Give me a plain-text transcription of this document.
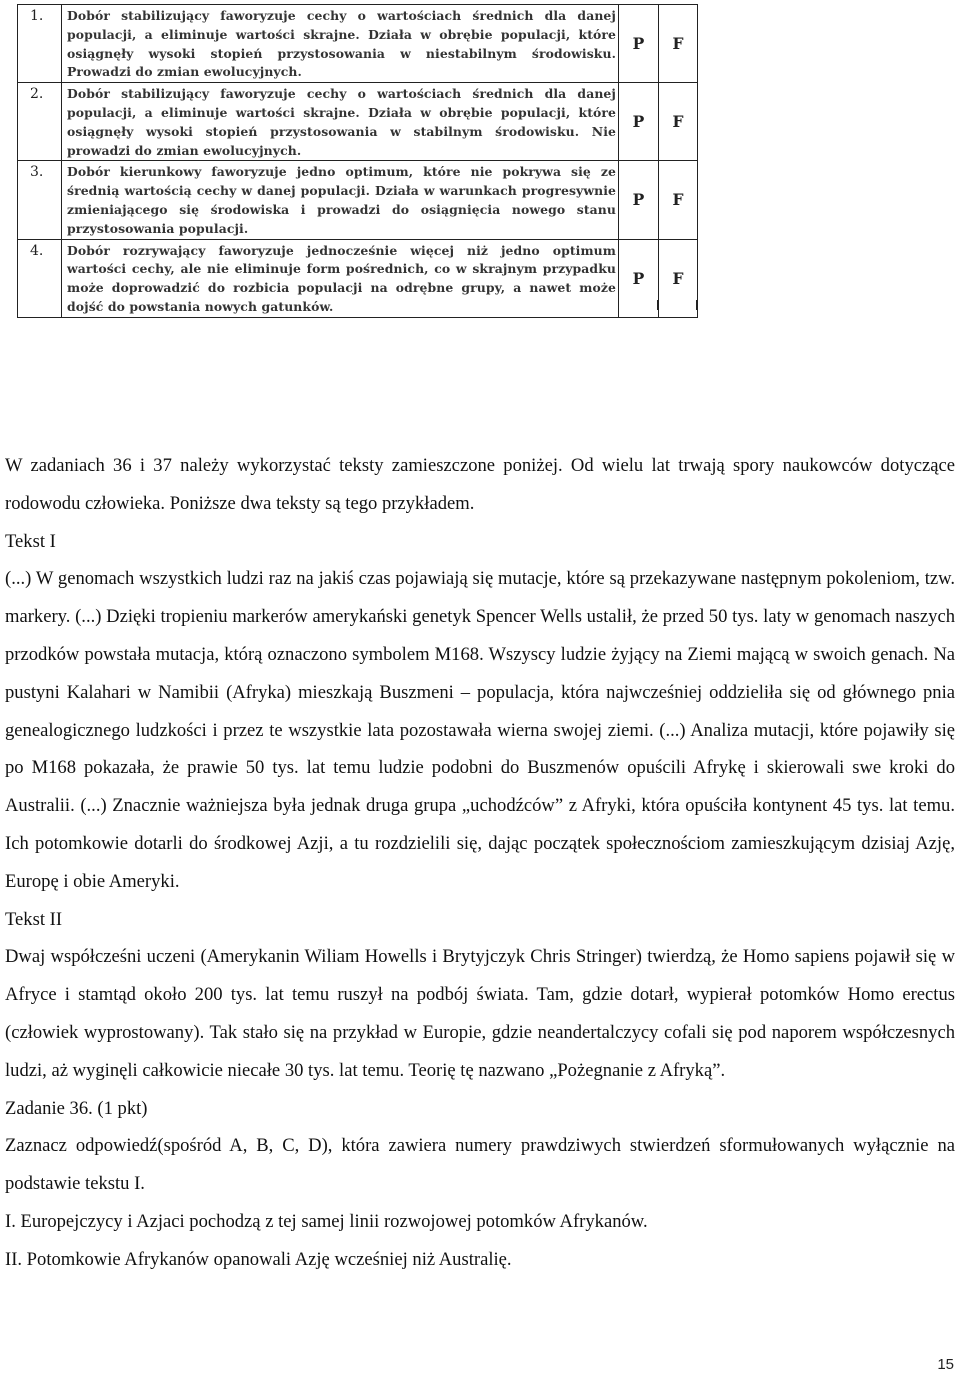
1.	Dobór stabilizujący faworyzuje cechy o wartościach średnich dla danej populacji, a eliminuje wartości skrajne. Działa w obrębie populacji, które osiągnęły wysoki stopień przystosowania w niestabilnym środowisku. Prowadzi do zmian ewolucyjnych.	P	F
2.	Dobór stabilizujący faworyzuje cechy o wartościach średnich dla danej populacji, a eliminuje wartości skrajne. Działa w obrębie populacji, które osiągnęły wysoki stopień przystosowania w stabilnym środowisku. Nie prowadzi do zmian ewolucyjnych.	P	F
3.	Dobór kierunkowy faworyzuje jedno optimum, które nie pokrywa się ze średnią wartością cechy w danej populacji. Działa w warunkach progresywnie zmieniającego się środowiska i prowadzi do osiągnięcia nowego stanu przystosowania populacji.	P	F
4.	Dobór rozrywający faworyzuje jednocześnie więcej niż jedno optimum wartości cechy, ale nie eliminuje form pośrednich, co w skrajnym przypadku może doprowadzić do rozbicia populacji na odrębne grupy, a nawet może dojść do powstania nowych gatunków.	P	F

W zadaniach 36 i 37 należy wykorzystać teksty zamieszczone poniżej. Od wielu lat trwają spory naukowców dotyczące rodowodu człowieka. Poniższe dwa teksty są tego przykładem.

Tekst I

(...) W genomach wszystkich ludzi raz na jakiś czas pojawiają się mutacje, które są przekazywane następnym pokoleniom, tzw. markery. (...) Dzięki tropieniu markerów amerykański genetyk Spencer Wells ustalił, że przed 50 tys. laty w genomach naszych przodków powstała mutacja, którą oznaczono symbolem M168. Wszyscy ludzie żyjący na Ziemi mającą w swoich genach. Na pustyni Kalahari w Namibii (Afryka) mieszkają Buszmeni – populacja, która najwcześniej oddzieliła się od głównego pnia genealogicznego ludzkości i przez te wszystkie lata pozostawała wierna swojej ziemi. (...) Analiza mutacji, które pojawiły się po M168 pokazała, że prawie 50 tys. lat temu ludzie podobni do Buszmenów opuścili Afrykę i skierowali swe kroki do Australii. (...) Znacznie ważniejsza była jednak druga grupa „uchodźców” z Afryki, która opuściła kontynent 45 tys. lat temu. Ich potomkowie dotarli do środkowej Azji, a tu rozdzielili się, dając początek społecznościom zamieszkującym dzisiaj Azję, Europę i obie Ameryki.

Tekst II

Dwaj współcześni uczeni (Amerykanin Wiliam Howells i Brytyjczyk Chris Stringer) twierdzą, że Homo sapiens pojawił się w Afryce i stamtąd około 200 tys. lat temu ruszył na podbój świata. Tam, gdzie dotarł, wypierał potomków Homo erectus (człowiek wyprostowany). Tak stało się na przykład w Europie, gdzie neandertalczycy cofali się pod naporem współczesnych ludzi, aż wyginęli całkowicie niecałe 30 tys. lat temu. Teorię tę nazwano „Pożegnanie z Afryką”.

Zadanie 36. (1 pkt)

Zaznacz odpowiedź(spośród A, B, C, D), która zawiera numery prawdziwych stwierdzeń sformułowanych wyłącznie na podstawie tekstu I.

I. Europejczycy i Azjaci pochodzą z tej samej linii rozwojowej potomków Afrykanów.

II. Potomkowie Afrykanów opanowali Azję wcześniej niż Australię.

15
